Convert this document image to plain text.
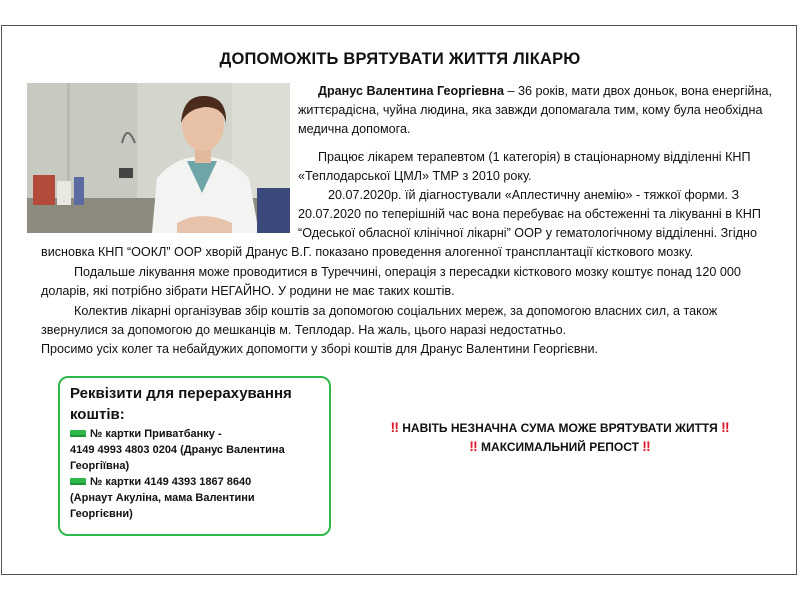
ДОПОМОЖІТЬ ВРЯТУВАТИ ЖИТТЯ ЛІКАРЮ
Дранус Валентина Георгіевна – 36 років, мати двох доньок, вона енергійна,
життєрадісна, чуйна людина, яка завжди допомагала тим, кому була необхідна
медична допомога.
Працює лікарем терапевтом (1 категорія) в стаціонарному відділенні КНП
«Теплодарської ЦМЛ» ТМР з 2010 року.
20.07.2020р. їй діагностували «Аплестичну анемію» - тяжкої форми. З
20.07.2020 по теперішній час вона перебуває на обстеженні та лікуванні в КНП
“Одеської обласної клінічної лікарні” ООР у гематологічному відділенні. Згідно
висновка КНП “ООКЛ” ООР хворій Дранус В.Г. показано проведення алогенної трансплантації кісткового мозку.
Подальше лікування може проводитися в Туреччині, операція з пересадки кісткового мозку коштує понад 120 000
доларів, які потрібно зібрати НЕГАЙНО. У родини не має таких коштів.
Колектив лікарні організував збір коштів за допомогою соціальних мереж, за допомогою власних сил, а також
звернулися за допомогою до мешканців м. Теплодар. На жаль, цього наразі недостатньо.
Просимо усіх колег та небайдужих допомогти у зборі коштів для Дранус Валентини Георгієвни.
Реквізити для перерахування
коштів:
№ картки Приватбанку -
4149 4993 4803 0204 (Дранус Валентина
Георгіївна)
№ картки 4149 4393 1867 8640
(Арнаут Акуліна, мама Валентини
Георгієвни)
‼ НАВІТЬ НЕЗНАЧНА СУМА МОЖЕ ВРЯТУВАТИ ЖИТТЯ ‼
‼ МАКСИМАЛЬНИЙ РЕПОСТ ‼
